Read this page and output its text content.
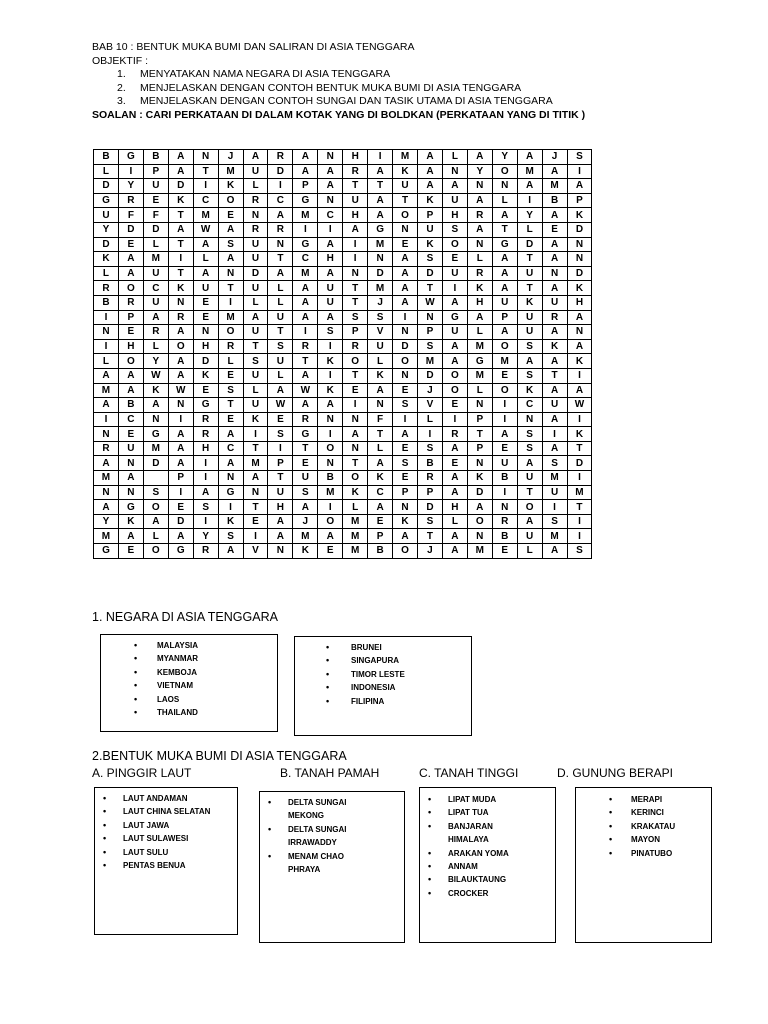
BAB 10 : BENTUK MUKA BUMI DAN SALIRAN DI ASIA TENGGARA
OBJEKTIF :
1. MENYATAKAN NAMA NEGARA DI ASIA TENGGARA
2. MENJELASKAN DENGAN CONTOH BENTUK MUKA BUMI DI ASIA TENGGARA
3. MENJELASKAN DENGAN CONTOH SUNGAI DAN TASIK UTAMA DI ASIA TENGGARA
SOALAN : CARI PERKATAAN DI DALAM KOTAK YANG DI BOLDKAN (PERKATAAN YANG DI TITIK )
B	G	B	A	N	J	A	R	A	N	H	I	M	A	L	A	Y	A	J	S
L	I	P	A	T	M	U	D	A	A	R	A	K	A	N	Y	O	M	A	I
D	Y	U	D	I	K	L	I	P	A	T	T	U	A	A	N	N	A	M	A
G	R	E	K	C	O	R	C	G	N	U	A	T	K	U	A	L	I	B	P
U	F	F	T	M	E	N	A	M	C	H	A	O	P	H	R	A	Y	A	K
Y	D	D	A	W	A	R	R	I	I	A	G	N	U	S	A	T	L	E	D
D	E	L	T	A	S	U	N	G	A	I	M	E	K	O	N	G	D	A	N
K	A	M	I	L	A	U	T	C	H	I	N	A	S	E	L	A	T	A	N
L	A	U	T	A	N	D	A	M	A	N	D	A	D	U	R	A	U	N	D
R	O	C	K	U	T	U	L	A	U	T	M	A	T	I	K	A	T	A	K
B	R	U	N	E	I	L	L	A	U	T	J	A	W	A	H	U	K	U	H
I	P	A	R	E	M	A	U	A	A	S	S	I	N	G	A	P	U	R	A
N	E	R	A	N	O	U	T	I	S	P	V	N	P	U	L	A	U	A	N
I	H	L	O	H	R	T	S	R	I	R	U	D	S	A	M	O	S	K	A
L	O	Y	A	D	L	S	U	T	K	O	L	O	M	A	G	M	A	A	K
A	A	W	A	K	E	U	L	A	I	T	K	N	D	O	M	E	S	T	I
M	A	K	W	E	S	L	A	W	K	E	A	E	J	O	L	O	K	A	A
A	B	A	N	G	T	U	W	A	A	I	N	S	V	E	N	I	C	U	W
I	C	N	I	R	E	K	E	R	N	N	F	I	L	I	P	I	N	A	I
N	E	G	A	R	A	I	S	G	I	A	T	A	I	R	T	A	S	I	K
R	U	M	A	H	C	T	I	T	O	N	L	E	S	A	P	E	S	A	T
A	N	D	A	I	A	M	P	E	N	T	A	S	B	E	N	U	A	S	D
M	A		P	I	N	A	T	U	B	O	K	E	R	A	K	B	U	M	I
N	N	S	I	A	G	N	U	S	M	K	C	P	P	A	D	I	T	U	M
A	G	O	E	S	I	T	H	A	I	L	A	N	D	H	A	N	O	I	T
Y	K	A	D	I	K	E	A	J	O	M	E	K	S	L	O	R	A	S	I
M	A	L	A	Y	S	I	A	M	A	M	P	A	T	A	N	B	U	M	I
G	E	O	G	R	A	V	N	K	E	M	B	O	J	A	M	E	L	A	S
1. NEGARA DI ASIA TENGGARA
• MALAYSIA
• MYANMAR
• KEMBOJA
• VIETNAM
• LAOS
• THAILAND
• BRUNEI
• SINGAPURA
• TIMOR LESTE
• INDONESIA
• FILIPINA
2.BENTUK MUKA BUMI DI ASIA TENGGARA
A. PINGGIR LAUT	B. TANAH PAMAH	C. TANAH TINGGI	D. GUNUNG BERAPI
• LAUT ANDAMAN
• LAUT CHINA SELATAN
• LAUT JAWA
• LAUT SULAWESI
• LAUT SULU
• PENTAS BENUA
• DELTA SUNGAI MEKONG
• DELTA SUNGAI IRRAWADDY
• MENAM CHAO PHRAYA
• LIPAT MUDA
• LIPAT TUA
• BANJARAN HIMALAYA
• ARAKAN YOMA
• ANNAM
• BILAUKTAUNG
• CROCKER
• MERAPI
• KERINCI
• KRAKATAU
• MAYON
• PINATUBO
